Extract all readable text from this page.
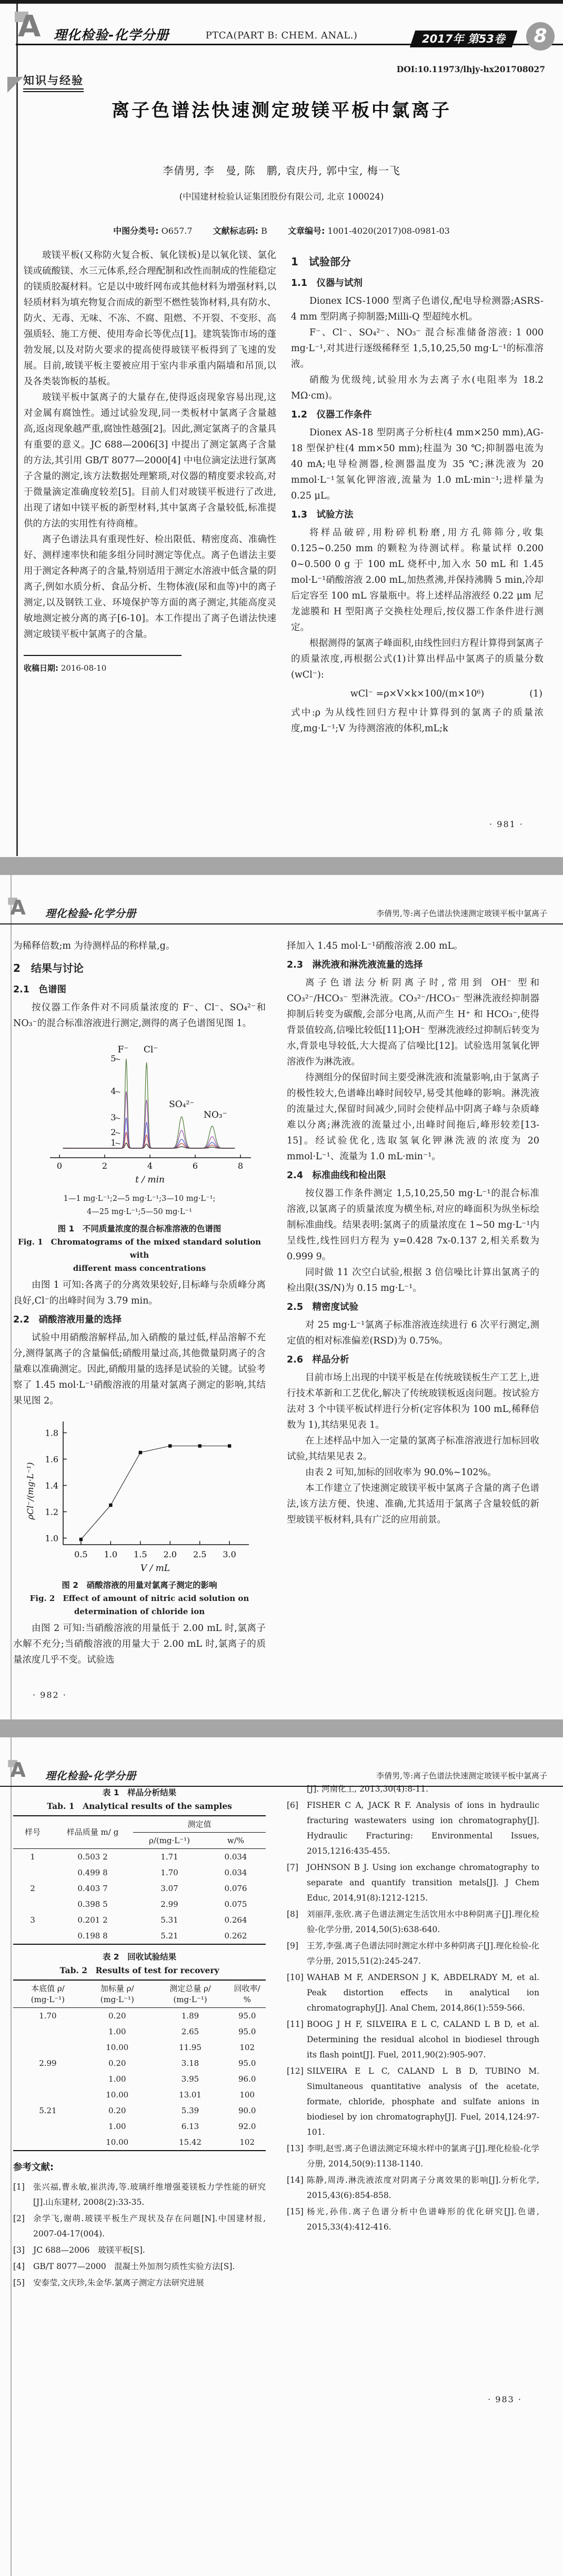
A 理化检验-化学分册	PTCA(PART B: CHEM. ANAL.)	2017年 第53卷	8
DOI:10.11973/lhjy-hx201708027
知识与经验
离子色谱法快速测定玻镁平板中氯离子
李倩男, 李　曼, 陈　鹏, 袁庆丹, 郭中宝, 梅一飞
(中国建材检验认证集团股份有限公司, 北京 100024)
中图分类号: O657.7 文献标志码: B 文章编号: 1001-4020(2017)08-0981-03

玻镁平板(又称防火复合板、氧化镁板)是以氧化镁、氯化镁或硫酸镁、水三元体系,经合理配制和改性而制成的性能稳定的镁质胶凝材料。它是以中玻纤网布或其他材料为增强材料,以轻质材料为填充物复合而成的新型不燃性装饰材料,具有防水、防火、无毒、无味、不冻、不腐、阻燃、不开裂、不变形、高强质轻、施工方便、使用寿命长等优点[1]。建筑装饰市场的蓬勃发展,以及对防火要求的提高使得玻镁平板得到了飞速的发展。目前,玻镁平板主要被应用于室内非承重内隔墙和吊顶,以及各类装饰板的基板。

玻镁平板中氯离子的大量存在,使得返卤现象容易出现,这对金属有腐蚀性。通过试验发现,同一类板材中氯离子含量越高,返卤现象越严重,腐蚀性越强[2]。因此,测定氯离子的含量具有重要的意义。JC 688—2006[3] 中提出了测定氯离子含量的方法,其引用 GB/T 8077—2000[4] 中电位滴定法进行氯离子含量的测定,该方法数据处理繁琐,对仪器的精度要求较高,对于微量滴定准确度较差[5]。目前人们对玻镁平板进行了改进,出现了诸如中镁平板的新型材料,其中氯离子含量较低,标准提供的方法的实用性有待商榷。

离子色谱法具有重现性好、检出限低、精密度高、准确性好、测样速率快和能多组分同时测定等优点。离子色谱法主要用于测定各种离子的含量,特别适用于测定水溶液中低含量的阴离子,例如水质分析、食品分析、生物体液(尿和血等)中的离子测定,以及钢铁工业、环境保护等方面的离子测定,其能高度灵敏地测定被分离的离子[6-10]。本工作提出了离子色谱法快速测定玻镁平板中氯离子的含量。

收稿日期: 2016-08-10
1　试验部分
1.1　仪器与试剂

Dionex ICS-1000 型离子色谱仪,配电导检测器;ASRS-4 mm 型阴离子抑制器;Milli-Q 型超纯水机。

F⁻、Cl⁻、SO₄²⁻、NO₃⁻ 混合标准储备溶液: 1 000 mg·L⁻¹,对其进行逐级稀释至 1,5,10,25,50 mg·L⁻¹的标准溶液。

硝酸为优级纯,试验用水为去离子水(电阻率为 18.2 MΩ·cm)。

1.2　仪器工作条件

Dionex AS-18 型阴离子分析柱(4 mm×250 mm),AG-18 型保护柱(4 mm×50 mm);柱温为 30 ℃;抑制器电流为 40 mA;电导检测器,检测器温度为 35 ℃;淋洗液为 20 mmol·L⁻¹氢氧化钾溶液,流量为 1.0 mL·min⁻¹;进样量为 0.25 μL。

1.3　试验方法

将样品破碎,用粉碎机粉磨,用方孔筛筛分,收集 0.125~0.250 mm 的颗粒为待测试样。称量试样 0.200 0~0.500 0 g 于 100 mL 烧杯中,加入水 50 mL 和 1.45 mol·L⁻¹硝酸溶液 2.00 mL,加热煮沸,并保持沸腾 5 min,冷却后定容至 100 mL 容量瓶中。将上述样品溶液经 0.22 μm 尼龙滤膜和 H 型阳离子交换柱处理后,按仪器工作条件进行测定。

根据测得的氯离子峰面积,由线性回归方程计算得到氯离子的质量浓度,再根据公式(1)计算出样品中氯离子的质量分数(wCl⁻):

wCl⁻ =ρ×V×k×100/(m×10⁶)	(1)

式中:ρ 为从线性回归方程中计算得到的氯离子的质量浓度,mg·L⁻¹;V 为待测溶液的体积,mL;k

· 981 ·
A 理化检验-化学分册	李倩男,等:离子色谱法快速测定玻镁平板中氯离子

为稀释倍数;m 为待测样品的称样量,g。

2　结果与讨论
2.1　色谱图

按仪器工作条件对不同质量浓度的 F⁻、Cl⁻、SO₄²⁻和 NO₃⁻的混合标准溶液进行测定,测得的离子色谱图见图 1。

0	2	4	6	8
t / min
F⁻ Cl⁻
SO₄²⁻
NO₃⁻
1
2
3
4
5

1—1 mg·L⁻¹;2—5 mg·L⁻¹;3—10 mg·L⁻¹;

4—25 mg·L⁻¹;5—50 mg·L⁻¹

图 1　不同质量浓度的混合标准溶液的色谱图
Fig. 1　Chromatograms of the mixed standard solution with
different mass concentrations

由图 1 可知:各离子的分离效果较好,目标峰与杂质峰分离良好,Cl⁻的出峰时间为 3.79 min。

2.2　硝酸溶液用量的选择

试验中用硝酸溶解样品,加入硝酸的量过低,样品溶解不充分,测得氯离子的含量偏低;硝酸用量过高,其他微量阴离子的含量难以准确测定。因此,硝酸用量的选择是试验的关键。试验考察了 1.45 mol·L⁻¹硝酸溶液的用量对氯离子测定的影响,其结果见图 2。

1.0
1.2
1.4
1.6
1.8
0.5 1.0 1.5 2.0 2.5 3.0
ρCl⁻/(mg·L⁻¹)
V / mL
图 2　硝酸溶液的用量对氯离子测定的影响
Fig. 2　Effect of amount of nitric acid solution on
determination of chloride ion

由图 2 可知:当硝酸溶液的用量低于 2.00 mL 时,氯离子水解不充分;当硝酸溶液的用量大于 2.00 mL 时,氯离子的质量浓度几乎不变。试验选

择加入 1.45 mol·L⁻¹硝酸溶液 2.00 mL。

2.3　淋洗液和淋洗液流量的选择

离子色谱法分析阴离子时,常用到 OH⁻ 型和 CO₃²⁻/HCO₃⁻ 型淋洗液。CO₃²⁻/HCO₃⁻ 型淋洗液经抑制器抑制后转变为碳酸,会部分电离,从而产生 H⁺ 和 HCO₃⁻,使得背景值较高,信噪比较低[11];OH⁻ 型淋洗液经过抑制后转变为水,背景电导较低,大大提高了信噪比[12]。试验选用氢氧化钾溶液作为淋洗液。

待测组分的保留时间主要受淋洗液和流量影响,由于氯离子的极性较大,色谱峰出峰时间较早,易受其他峰的影响。淋洗液的流量过大,保留时间减少,同时会使样品中阴离子峰与杂质峰难以分离;淋洗液的流量过小,出峰时间拖后,峰形较差[13-15]。经试验优化,选取氢氧化钾淋洗液的浓度为 20 mmol·L⁻¹、流量为 1.0 mL·min⁻¹。

2.4　标准曲线和检出限

按仪器工作条件测定 1,5,10,25,50 mg·L⁻¹的混合标准溶液,以氯离子的质量浓度为横坐标,对应的峰面积为纵坐标绘制标准曲线。结果表明:氯离子的质量浓度在 1~50 mg·L⁻¹内呈线性,线性回归方程为 y=0.428 7x-0.137 2,相关系数为 0.999 9。

同时做 11 次空白试验,根据 3 倍信噪比计算出氯离子的检出限(3S/N)为 0.15 mg·L⁻¹。

2.5　精密度试验

对 25 mg·L⁻¹氯离子标准溶液连续进行 6 次平行测定,测定值的相对标准偏差(RSD)为 0.75%。

2.6　样品分析

目前市场上出现的中镁平板是在传统玻镁板生产工艺上,进行技术革新和工艺优化,解决了传统玻镁板返卤问题。按试验方法对 3 个中镁平板试样进行分析(定容体积为 100 mL,稀释倍数为 1),其结果见表 1。

在上述样品中加入一定量的氯离子标准溶液进行加标回收试验,其结果见表 2。

由表 2 可知,加标的回收率为 90.0%~102%。

本工作建立了快速测定玻镁平板中氯离子含量的离子色谱法,该方法方便、快速、准确,尤其适用于氯离子含量较低的新型玻镁平板材料,具有广泛的应用前景。

· 982 ·
A 理化检验-化学分册	李倩男,等:离子色谱法快速测定玻镁平板中氯离子
表 1　样品分析结果
Tab. 1　Analytical results of the samples
样号	样品质量 m/ g	测定值	
		ρ/(mg·L⁻¹)	w/%
1	0.503 2	1.71	0.034
	0.499 8	1.70	0.034
2	0.403 7	3.07	0.076
	0.398 5	2.99	0.075
3	0.201 2	5.31	0.264
	0.198 8	5.21	0.262
表 2　回收试验结果
Tab. 2　Results of test for recovery
本底值 ρ/ (mg·L⁻¹)	加标量 ρ/ (mg·L⁻¹)	测定总量 ρ/ (mg·L⁻¹)	回收率/ %
1.70	0.20	1.89	95.0
	1.00	2.65	95.0
	10.00	11.95	102
2.99	0.20	3.18	95.0
	1.00	3.95	96.0
	10.00	13.01	100
5.21	0.20	5.39	90.0
	1.00	6.13	92.0
	10.00	15.42	102
参考文献:
[1] 张兴福,曹永敏,崔洪涛,等.玻璃纤维增强菱镁板力学性能的研究[J].山东建材, 2008(2):33-35.
[2] 余学飞,谢萌.玻镁平板生产现状及存在问题[N].中国建材报, 2007-04-17(004).
[3] JC 688—2006　玻镁平板[S].
[4] GB/T 8077—2000　混凝土外加剂匀质性实验方法[S].
[5] 安泰莹,文庆珍,朱金华.氯离子测定方法研究进展
[J]. 河南化工, 2013,30(4):8-11.
[6] FISHER C A, JACK R F. Analysis of ions in hydraulic fracturing wastewaters using ion chromatography[J]. Hydraulic Fracturing: Environmental Issues, 2015,1216:435-455.
[7] JOHNSON B J. Using ion exchange chromatography to separate and quantify transition metals[J]. J Chem Educ, 2014,91(8):1212-1215.
[8] 刘丽萍,张欣.离子色谱法测定生活饮用水中8种阴离子[J].理化检验-化学分册, 2014,50(5):638-640.
[9] 王芳,李强.离子色谱法同时测定水样中多种阴离子[J].理化检验-化学分册, 2015,51(2):245-247.
[10] WAHAB M F, ANDERSON J K, ABDELRADY M, et al. Peak distortion effects in analytical ion chromatography[J]. Anal Chem, 2014,86(1):559-566.
[11] BOOG J H F, SILVEIRA E L C, CALAND L B D, et al. Determining the residual alcohol in biodiesel through its flash point[J]. Fuel, 2011,90(2):905-907.
[12] SILVEIRA E L C, CALAND L B D, TUBINO M. Simultaneous quantitative analysis of the acetate, formate, chloride, phosphate and sulfate anions in biodiesel by ion chromatography[J]. Fuel, 2014,124:97-101.
[13] 李明,赵雪.离子色谱法测定环境水样中的氯离子[J].理化检验-化学分册, 2014,50(9):1138-1140.
[14] 陈静,周涛.淋洗液浓度对阴离子分离效果的影响[J].分析化学, 2015,43(6):854-858.
[15] 杨光,孙伟.离子色谱分析中色谱峰形的优化研究[J].色谱, 2015,33(4):412-416.
· 983 ·
